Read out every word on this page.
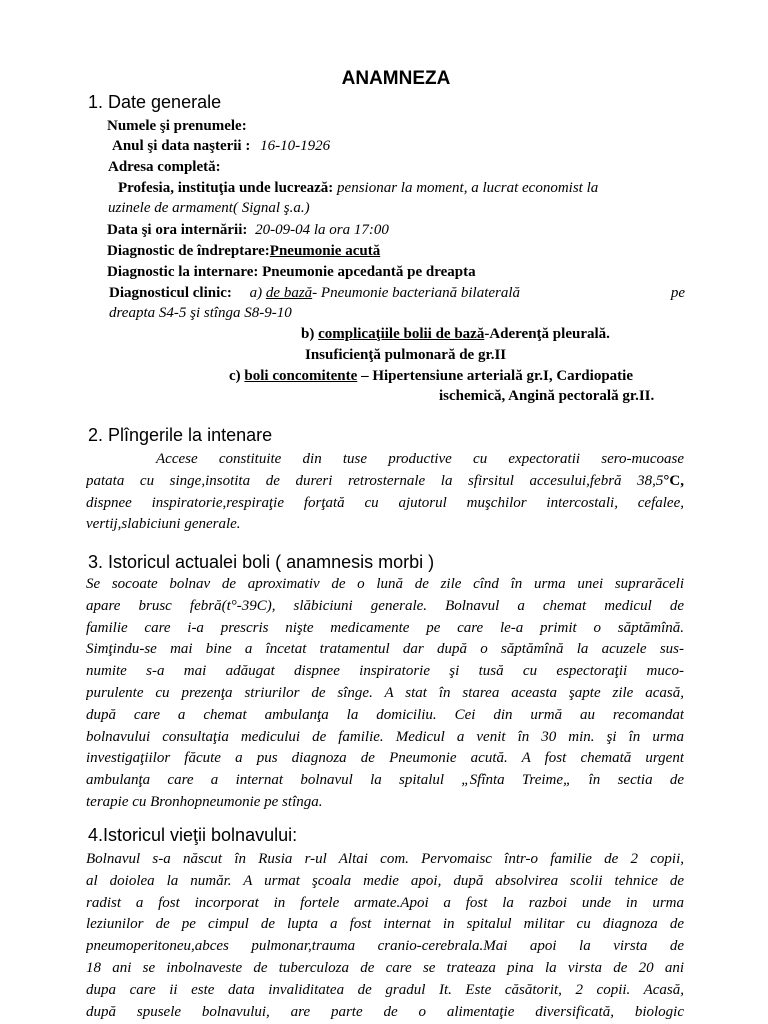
ANAMNEZA
1. Date generale
Numele şi prenumele:
Anul şi data naşterii : 16-10-1926
Adresa completă:
Profesia, instituţia unde lucrează: pensionar la moment, a lucrat economist la
uzinele de armament( Signal ş.a.)
Data şi ora internării: 20-09-04 la ora 17:00
Diagnostic de îndreptare:Pneumonie acută
Diagnostic la internare: Pneumonie apcedantă pe dreapta
Diagnosticul clinic: a) de bază- Pneumonie bacteriană bilaterală	pe
dreapta S4-5 şi stînga S8-9-10
b) complicaţiile bolii de bază-Aderenţă pleurală.
Insuficienţă pulmonară de gr.II
c) boli concomitente – Hipertensiune arterială gr.I, Cardiopatie
ischemică, Angină pectorală gr.II.
2. Plîngerile la intenare
Accese constituite din tuse productive cu expectoratii sero-mucoase
patata cu singe,insotita de dureri retrosternale la sfirsitul accesului,febră 38,5°C,
dispnee inspiratorie,respiraţie forţată cu ajutorul muşchilor intercostali, cefalee,
vertij,slabiciuni generale.
3. Istoricul actualei boli ( anamnesis morbi )
Se socoate bolnav de aproximativ de o lună de zile cînd în urma unei suprarăceli
apare brusc febră(t°-39C), slăbiciuni generale. Bolnavul a chemat medicul de
familie care i-a prescris nişte medicamente pe care le-a primit o săptămînă.
Simţindu-se mai bine a încetat tratamentul dar după o săptămînă la acuzele sus-
numite s-a mai adăugat dispnee inspiratorie şi tusă cu espectoraţii muco-
purulente cu prezenţa striurilor de sînge. A stat în starea aceasta şapte zile acasă,
după care a chemat ambulanţa la domiciliu. Cei din urmă au recomandat
bolnavului consultaţia medicului de familie. Medicul a venit în 30 min. şi în urma
investigaţiilor făcute a pus diagnoza de Pneumonie acută. A fost chemată urgent
ambulanţa care a internat bolnavul la spitalul „Sfînta Treime„ în sectia de
terapie cu Bronhopneumonie pe stînga.
4.Istoricul vieţii bolnavului:
Bolnavul s-a născut în Rusia r-ul Altai com. Pervomaisc într-o familie de 2 copii,
al doiolea la număr. A urmat şcoala medie apoi, după absolvirea scolii tehnice de
radist a fost incorporat in fortele armate.Apoi a fost la razboi unde in urma
leziunilor de pe cimpul de lupta a fost internat in spitalul militar cu diagnoza de
pneumoperitoneu,abces pulmonar,trauma cranio-cerebrala.Mai apoi la virsta de
18 ani se inbolnaveste de tuberculoza de care se trateaza pina la virsta de 20 ani
dupa care ii este data invaliditatea de gradul It. Este căsătorit, 2 copii. Acasă,
după spusele bolnavului, are parte de o alimentaţie diversificată, biologic
